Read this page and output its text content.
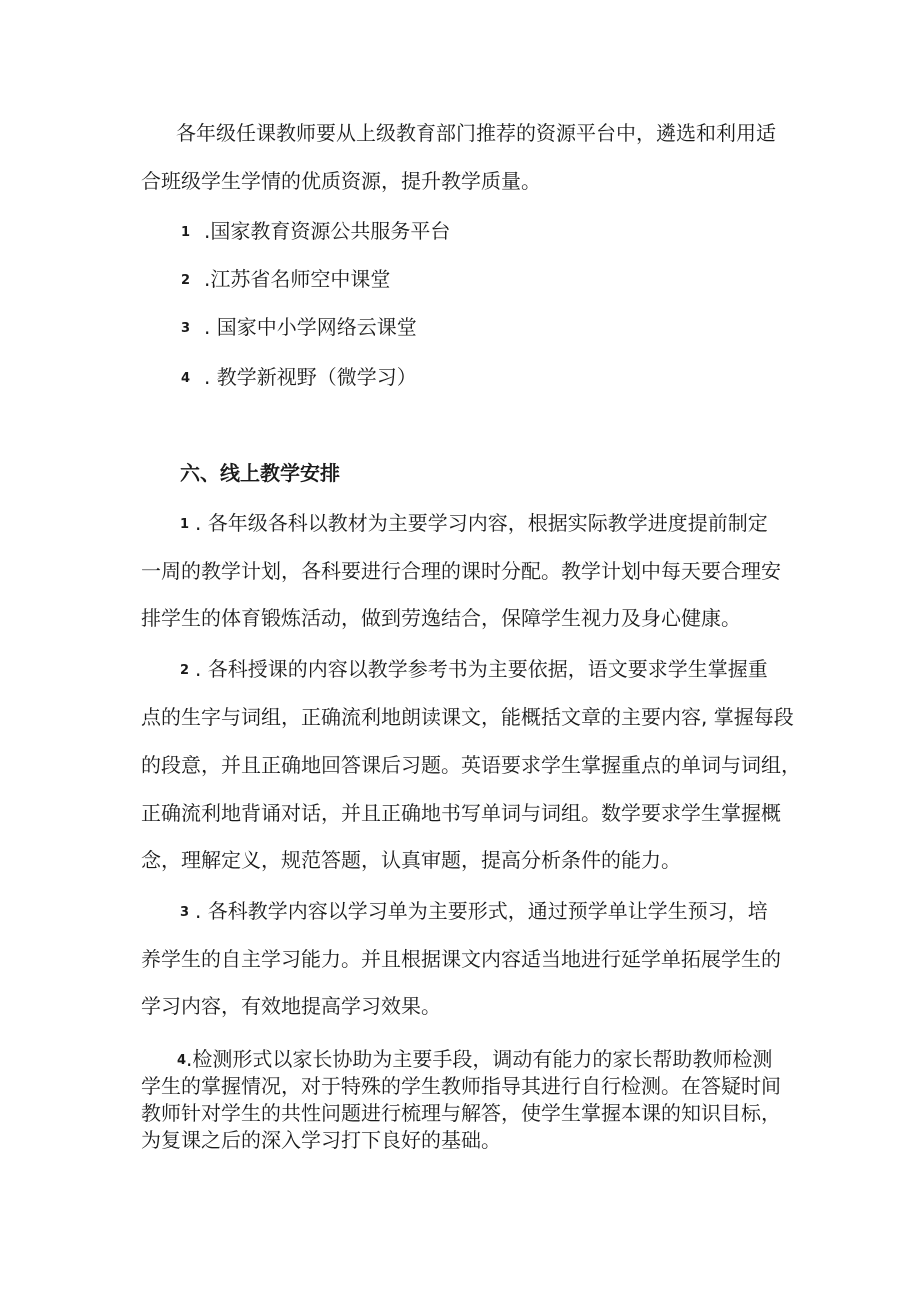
各年级任课教师要从上级教育部门推荐的资源平台中，遴选和利用适

合班级学生学情的优质资源，提升教学质量。

1 .国家教育资源公共服务平台

2 .江苏省名师空中课堂

3 . 国家中小学网络云课堂

4 . 教学新视野（微学习）

六、线上教学安排

1 . 各年级各科以教材为主要学习内容，根据实际教学进度提前制定

一周的教学计划，各科要进行合理的课时分配。教学计划中每天要合理安

排学生的体育锻炼活动，做到劳逸结合，保障学生视力及身心健康。

2 . 各科授课的内容以教学参考书为主要依据，语文要求学生掌握重

点的生字与词组，正确流利地朗读课文，能概括文章的主要内容, 掌握每段

的段意，并且正确地回答课后习题。英语要求学生掌握重点的单词与词组，

正确流利地背诵对话，并且正确地书写单词与词组。数学要求学生掌握概

念，理解定义，规范答题，认真审题，提高分析条件的能力。

3 . 各科教学内容以学习单为主要形式，通过预学单让学生预习，培

养学生的自主学习能力。并且根据课文内容适当地进行延学单拓展学生的

学习内容，有效地提高学习效果。

4.检测形式以家长协助为主要手段，调动有能力的家长帮助教师检测

学生的掌握情况，对于特殊的学生教师指导其进行自行检测。在答疑时间

教师针对学生的共性问题进行梳理与解答，使学生掌握本课的知识目标，

为复课之后的深入学习打下良好的基础。
